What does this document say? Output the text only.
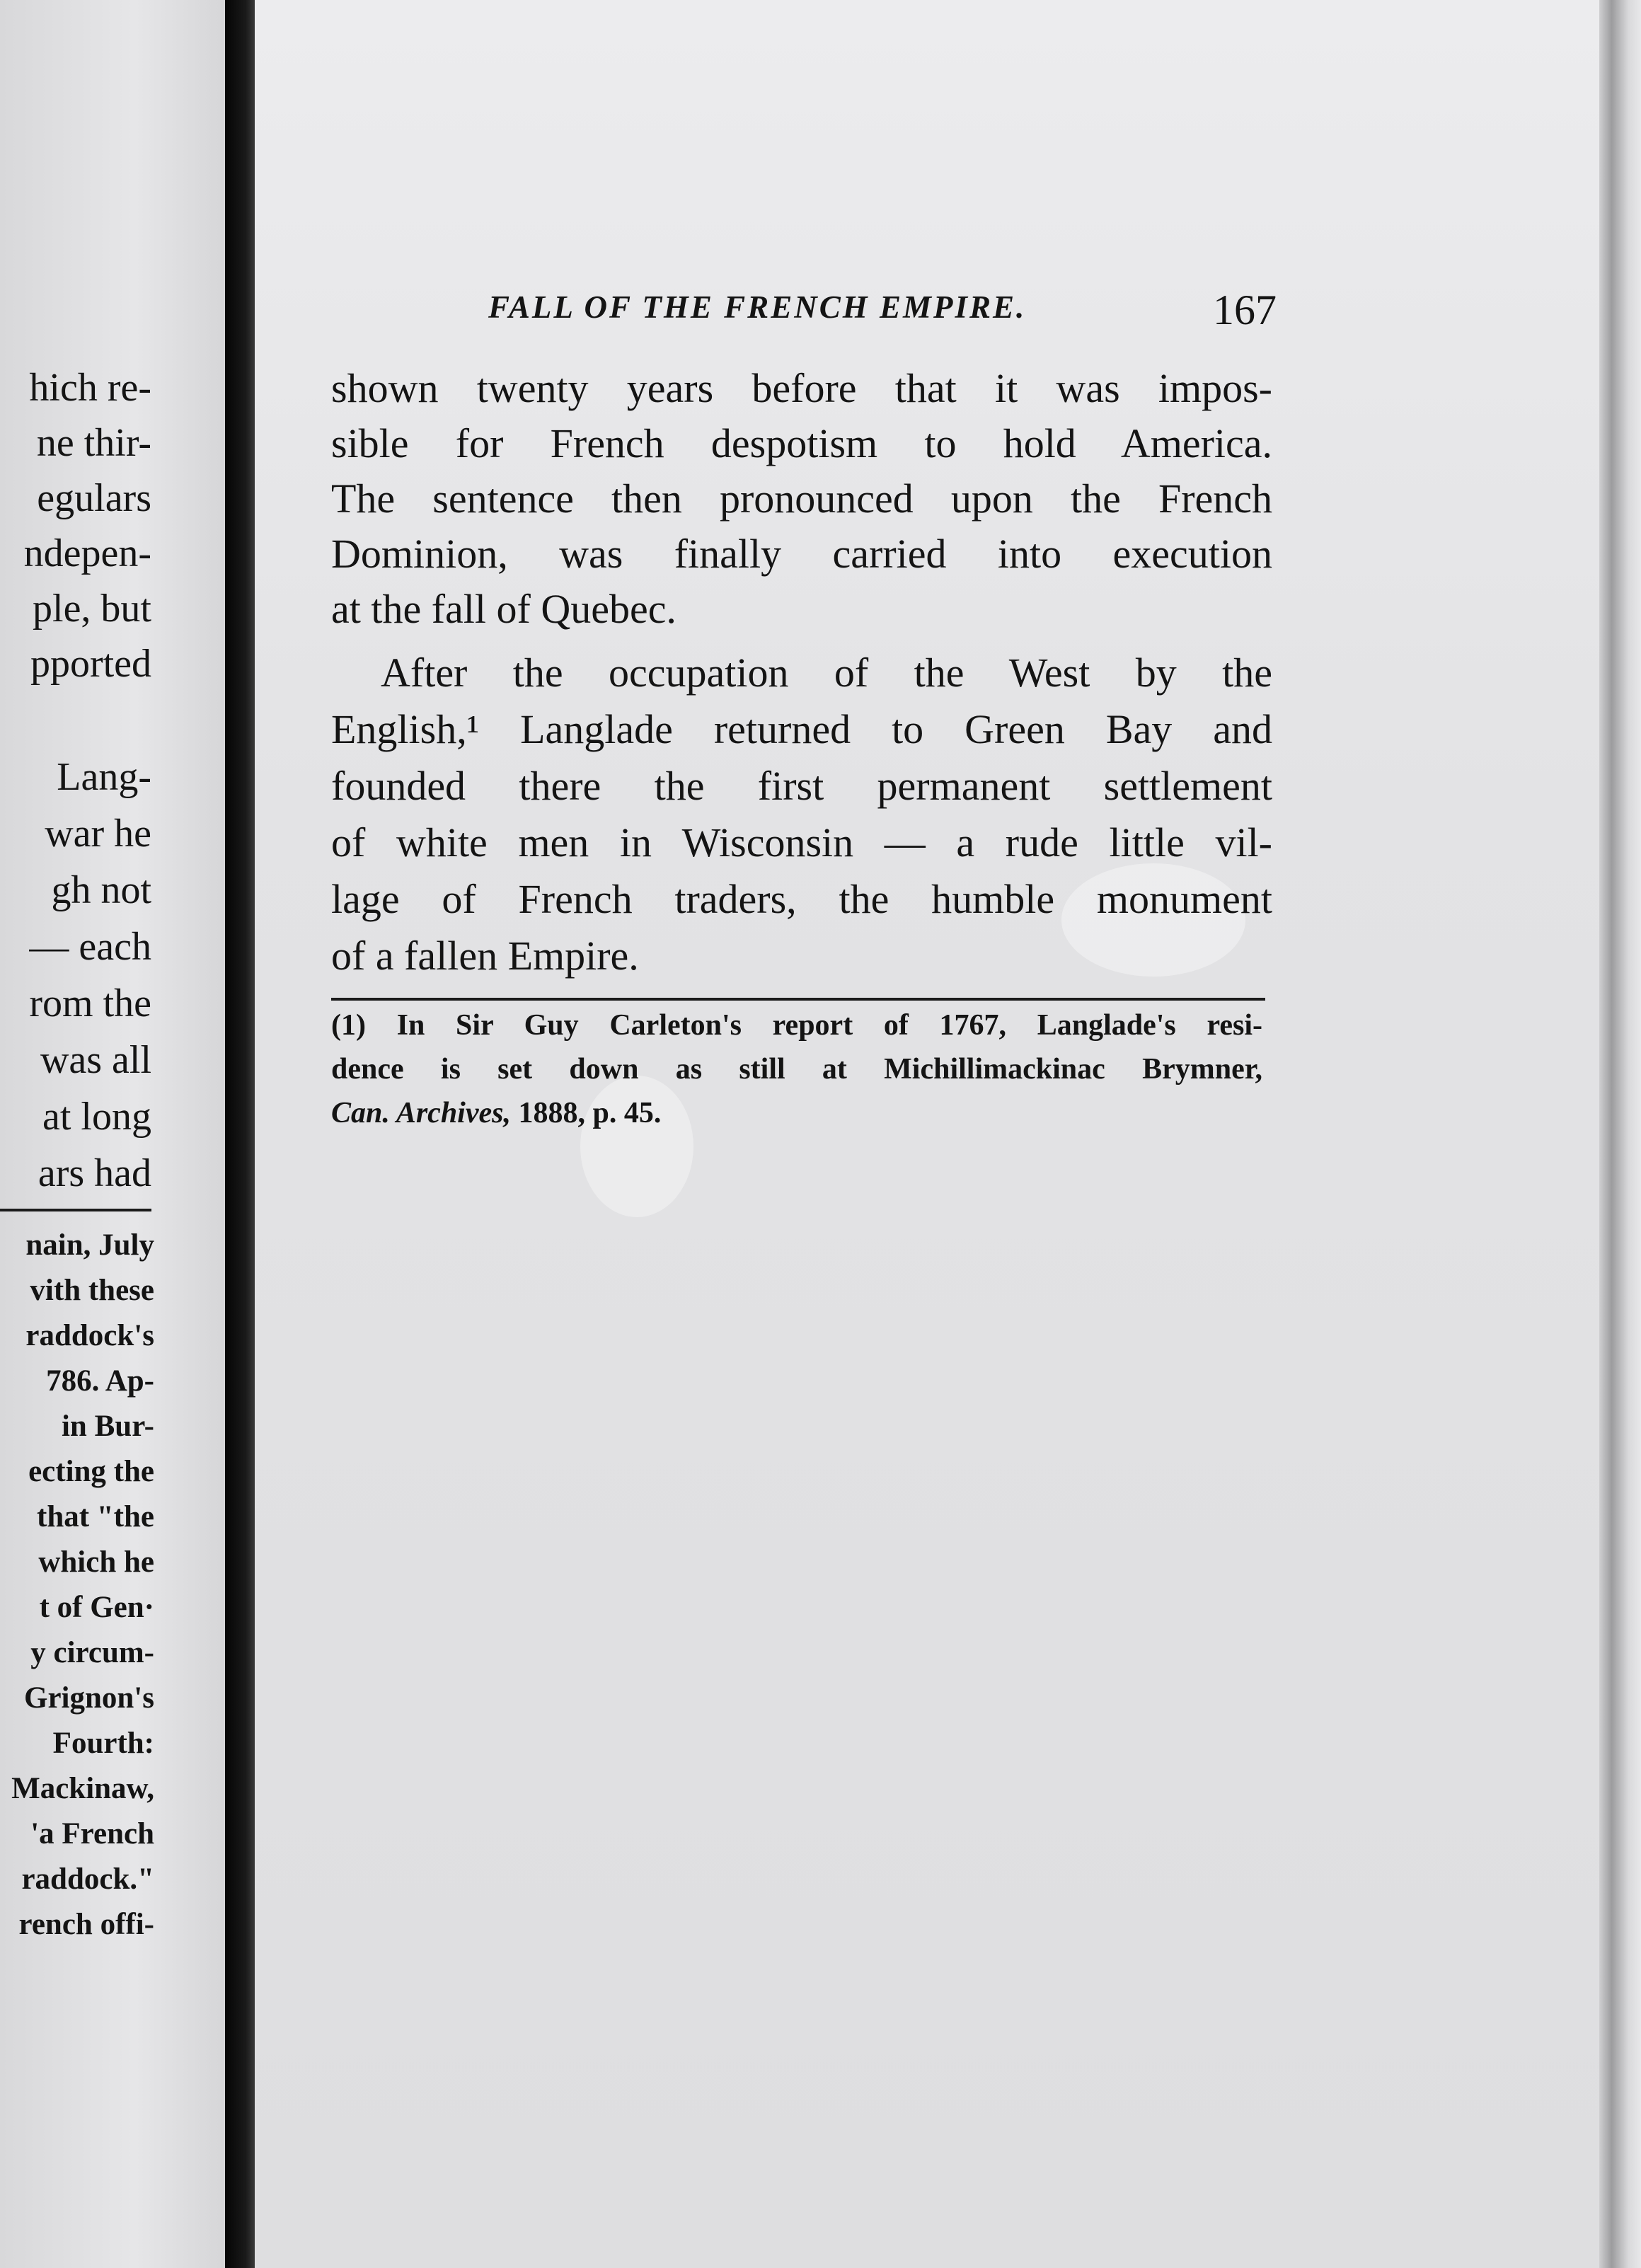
hich re-
ne thir-
egulars
ndepen-
ple, but
pported
Lang-
war he
gh not
— each
rom the
was all
at long
ars had
nain, July
vith these
raddock's
786. Ap-
in Bur-
ecting the
that "the
which he
t of Gen·
y circum-
Grignon's
Fourth:
Mackinaw,
'a French
raddock."
rench offi-
FALL OF THE FRENCH EMPIRE.	167
shown twenty years before that it was impos-
sible for French despotism to hold America.
The sentence then pronounced upon the French
Dominion, was finally carried into execution
at the fall of Quebec.
After the occupation of the West by the
English,¹ Langlade returned to Green Bay and
founded there the first permanent settlement
of white men in Wisconsin — a rude little vil-
lage of French traders, the humble monument
of a fallen Empire.
(1) In Sir Guy Carleton's report of 1767, Langlade's resi-
dence is set down as still at Michillimackinac Brymner,
Can. Archives, 1888, p. 45.
